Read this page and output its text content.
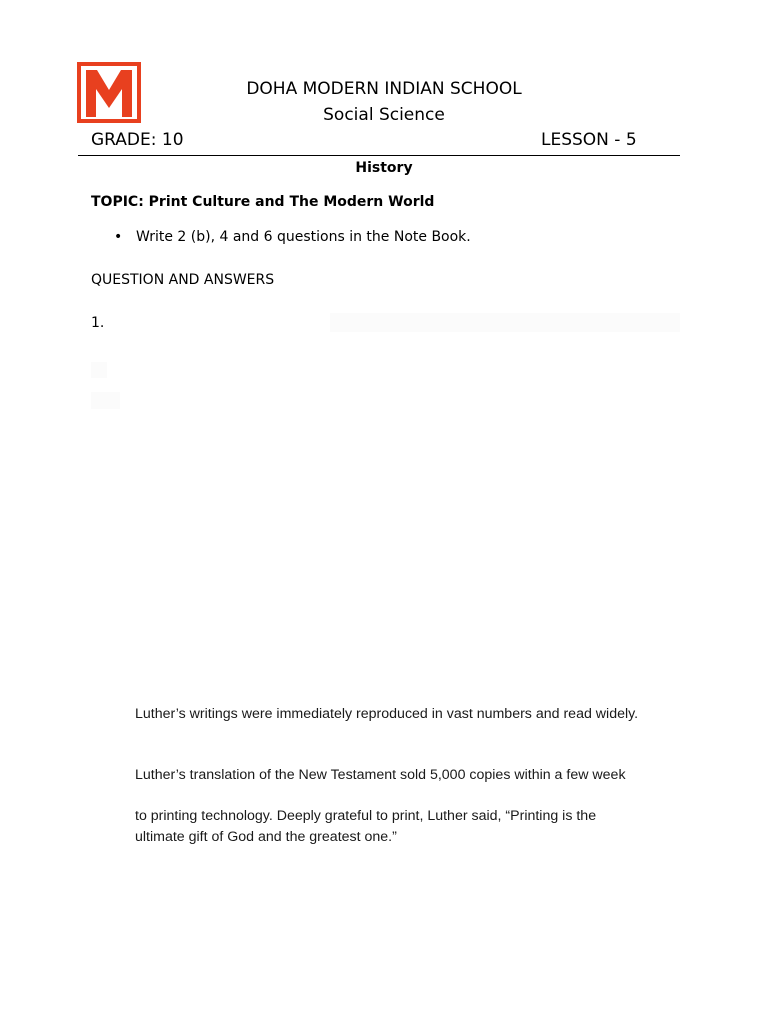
DOHA MODERN INDIAN SCHOOL
Social Science
GRADE: 10	LESSON - 5
History
TOPIC: Print Culture and The Modern World
• Write 2 (b), 4 and 6 questions in the Note Book.
QUESTION AND ANSWERS
1.
Luther’s writings were immediately reproduced in vast numbers and read widely.
Luther’s translation of the New Testament sold 5,000 copies within a few week
to printing technology. Deeply grateful to print, Luther said, “Printing is the
ultimate gift of God and the greatest one.”
